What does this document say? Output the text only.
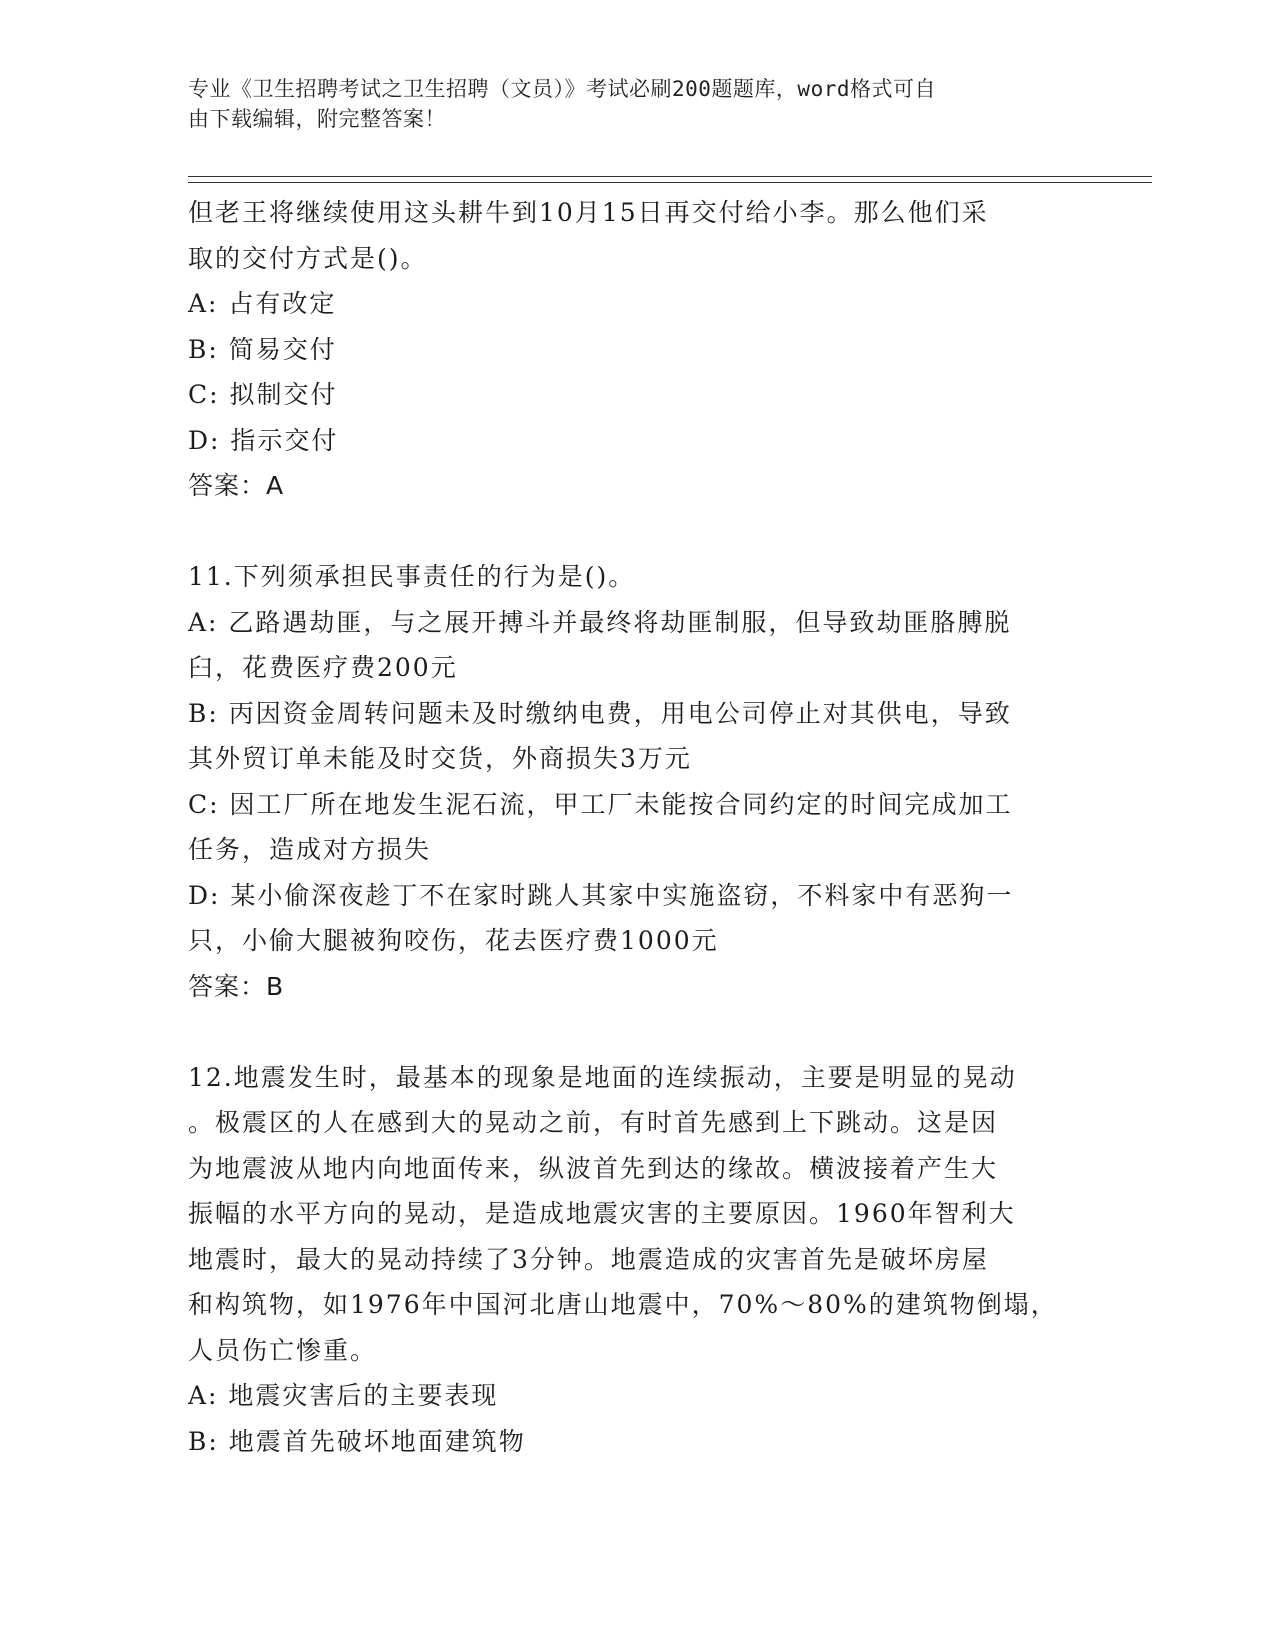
专业《卫生招聘考试之卫生招聘（文员）》考试必刷200题题库，word格式可自
由下载编辑，附完整答案！
但老王将继续使用这头耕牛到10月15日再交付给小李。那么他们采
取的交付方式是()。
A: 占有改定
B: 简易交付
C: 拟制交付
D: 指示交付
答案：A
11.下列须承担民事责任的行为是()。
A: 乙路遇劫匪，与之展开搏斗并最终将劫匪制服，但导致劫匪胳膊脱
臼，花费医疗费200元
B: 丙因资金周转问题未及时缴纳电费，用电公司停止对其供电，导致
其外贸订单未能及时交货，外商损失3万元
C: 因工厂所在地发生泥石流，甲工厂未能按合同约定的时间完成加工
任务，造成对方损失
D: 某小偷深夜趁丁不在家时跳人其家中实施盗窃，不料家中有恶狗一
只，小偷大腿被狗咬伤，花去医疗费1000元
答案：B
12.地震发生时，最基本的现象是地面的连续振动，主要是明显的晃动
。极震区的人在感到大的晃动之前，有时首先感到上下跳动。这是因
为地震波从地内向地面传来，纵波首先到达的缘故。横波接着产生大
振幅的水平方向的晃动，是造成地震灾害的主要原因。1960年智利大
地震时，最大的晃动持续了3分钟。地震造成的灾害首先是破坏房屋
和构筑物，如1976年中国河北唐山地震中，70%～80%的建筑物倒塌，
人员伤亡惨重。
A: 地震灾害后的主要表现
B: 地震首先破坏地面建筑物
